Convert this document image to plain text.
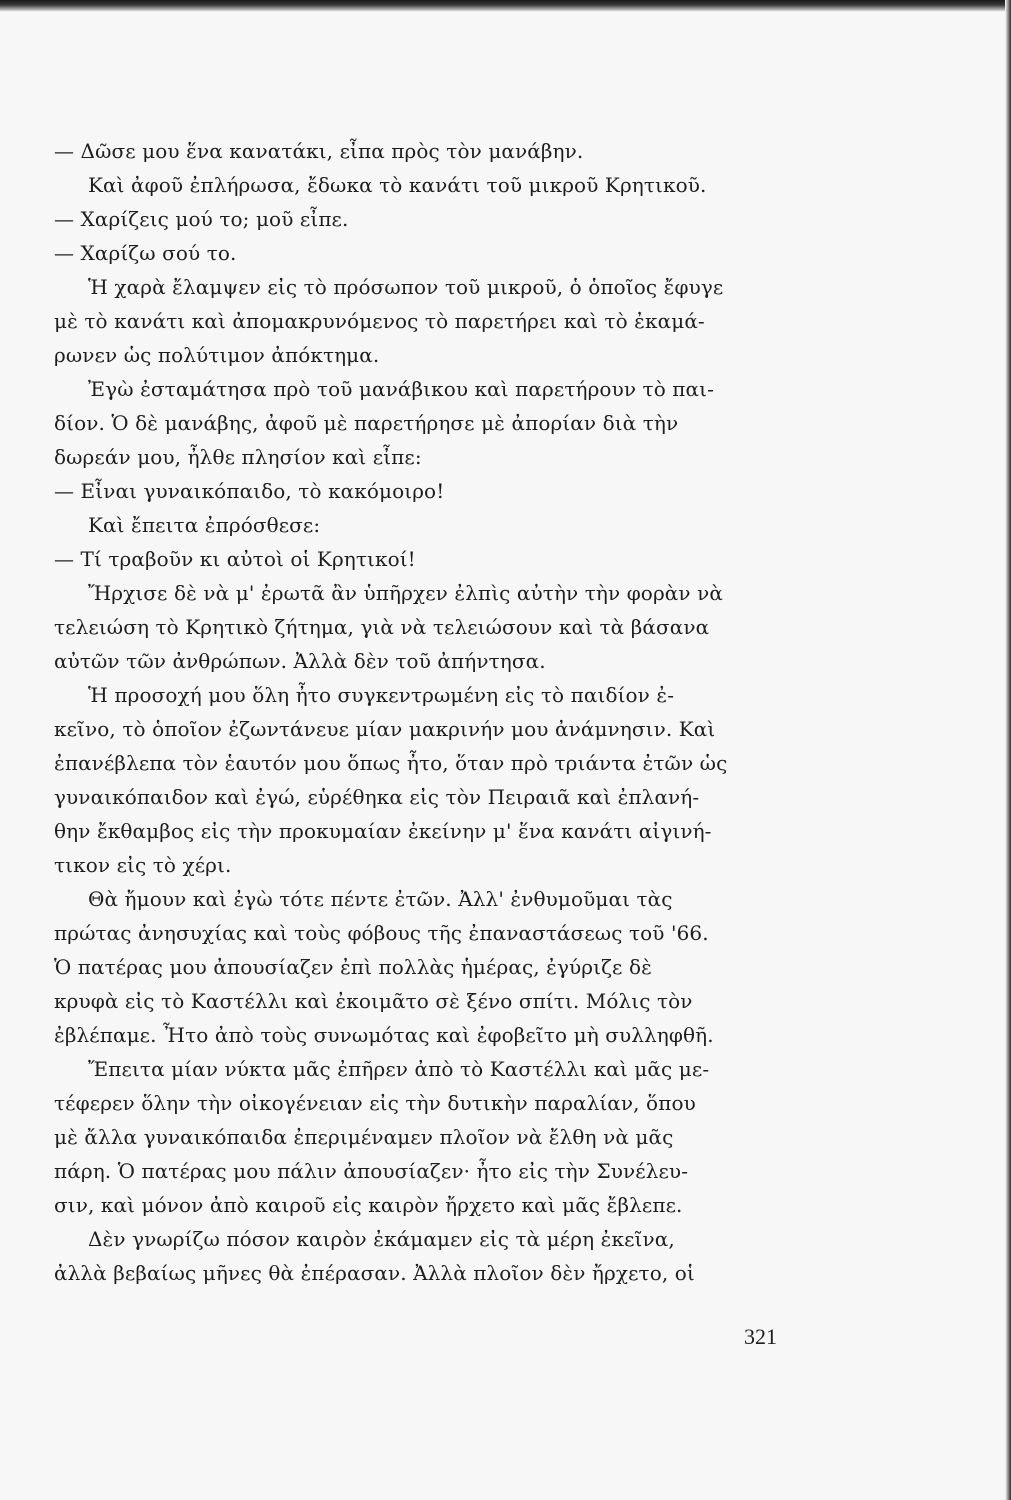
— Δῶσε μου ἕνα κανατάκι, εἶπα πρὸς τὸν μανάβην.
Καὶ ἀφοῦ ἐπλήρωσα, ἔδωκα τὸ κανάτι τοῦ μικροῦ Κρητικοῦ.
— Χαρίζεις μού το; μοῦ εἶπε.
— Χαρίζω σού το.
Ἡ χαρὰ ἔλαμψεν εἰς τὸ πρόσωπον τοῦ μικροῦ, ὁ ὁποῖος ἔφυγε
μὲ τὸ κανάτι καὶ ἀπομακρυνόμενος τὸ παρετήρει καὶ τὸ ἐκαμά-
ρωνεν ὡς πολύτιμον ἀπόκτημα.
Ἐγὼ ἐσταμάτησα πρὸ τοῦ μανάβικου καὶ παρετήρουν τὸ παι-
δίον. Ὁ δὲ μανάβης, ἀφοῦ μὲ παρετήρησε μὲ ἀπορίαν διὰ τὴν
δωρεάν μου, ἦλθε πλησίον καὶ εἶπε:
— Εἶναι γυναικόπαιδο, τὸ κακόμοιρο!
Καὶ ἔπειτα ἐπρόσθεσε:
— Τί τραβοῦν κι αὐτοὶ οἱ Κρητικοί!
Ἤρχισε δὲ νὰ μ' ἐρωτᾶ ἂν ὑπῆρχεν ἐλπὶς αὐτὴν τὴν φορὰν νὰ
τελειώση τὸ Κρητικὸ ζήτημα, γιὰ νὰ τελειώσουν καὶ τὰ βάσανα
αὐτῶν τῶν ἀνθρώπων. Ἀλλὰ δὲν τοῦ ἀπήντησα.
Ἡ προσοχή μου ὅλη ἦτο συγκεντρωμένη εἰς τὸ παιδίον ἐ-
κεῖνο, τὸ ὁποῖον ἐζωντάνευε μίαν μακρινήν μου ἀνάμνησιν. Καὶ
ἐπανέβλεπα τὸν ἑαυτόν μου ὅπως ἦτο, ὅταν πρὸ τριάντα ἐτῶν ὡς
γυναικόπαιδον καὶ ἐγώ, εὑρέθηκα εἰς τὸν Πειραιᾶ καὶ ἐπλανή-
θην ἔκθαμβος εἰς τὴν προκυμαίαν ἐκείνην μ' ἕνα κανάτι αἰγινή-
τικον εἰς τὸ χέρι.
Θὰ ἤμουν καὶ ἐγὼ τότε πέντε ἐτῶν. Ἀλλ' ἐνθυμοῦμαι τὰς
πρώτας ἀνησυχίας καὶ τοὺς φόβους τῆς ἐπαναστάσεως τοῦ '66.
Ὁ πατέρας μου ἀπουσίαζεν ἐπὶ πολλὰς ἡμέρας, ἐγύριζε δὲ
κρυφὰ εἰς τὸ Καστέλλι καὶ ἐκοιμᾶτο σὲ ξένο σπίτι. Μόλις τὸν
ἐβλέπαμε. Ἦτο ἀπὸ τοὺς συνωμότας καὶ ἐφοβεῖτο μὴ συλληφθῆ.
Ἔπειτα μίαν νύκτα μᾶς ἐπῆρεν ἀπὸ τὸ Καστέλλι καὶ μᾶς με-
τέφερεν ὅλην τὴν οἰκογένειαν εἰς τὴν δυτικὴν παραλίαν, ὅπου
μὲ ἄλλα γυναικόπαιδα ἐπεριμέναμεν πλοῖον νὰ ἔλθη νὰ μᾶς
πάρη. Ὁ πατέρας μου πάλιν ἀπουσίαζεν· ἦτο εἰς τὴν Συνέλευ-
σιν, καὶ μόνον ἀπὸ καιροῦ εἰς καιρὸν ἤρχετο καὶ μᾶς ἔβλεπε.
Δὲν γνωρίζω πόσον καιρὸν ἐκάμαμεν εἰς τὰ μέρη ἐκεῖνα,
ἀλλὰ βεβαίως μῆνες θὰ ἐπέρασαν. Ἀλλὰ πλοῖον δὲν ἤρχετο, οἱ
321
